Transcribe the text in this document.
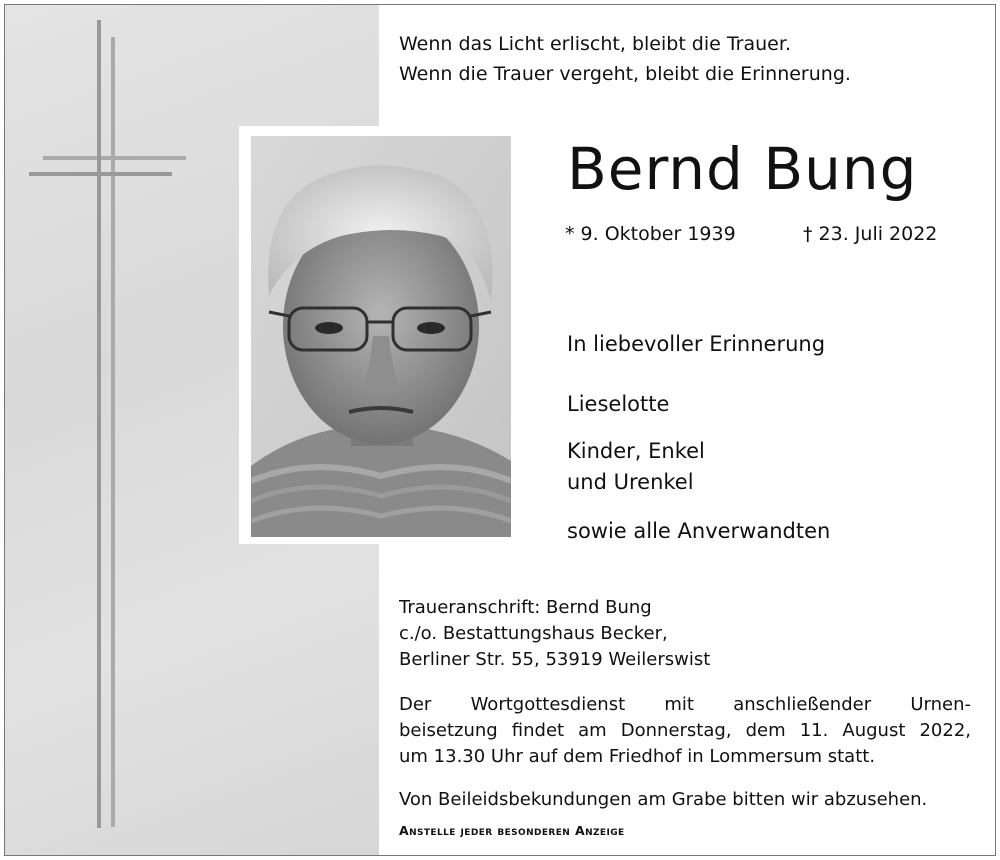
Wenn das Licht erlischt, bleibt die Trauer.
Wenn die Trauer vergeht, bleibt die Erinnerung.
Bernd Bung
* 9. Oktober 1939	† 23. Juli 2022
In liebevoller Erinnerung
Lieselotte
Kinder, Enkel
und Urenkel
sowie alle Anverwandten
Traueranschrift: Bernd Bung
c./o. Bestattungshaus Becker,
Berliner Str. 55, 53919 Weilerswist
Der Wortgottesdienst mit anschließender Urnen-
beisetzung findet am Donnerstag, dem 11. August 2022,
um 13.30 Uhr auf dem Friedhof in Lommersum statt.
Von Beileidsbekundungen am Grabe bitten wir abzusehen.
Anstelle jeder besonderen Anzeige
